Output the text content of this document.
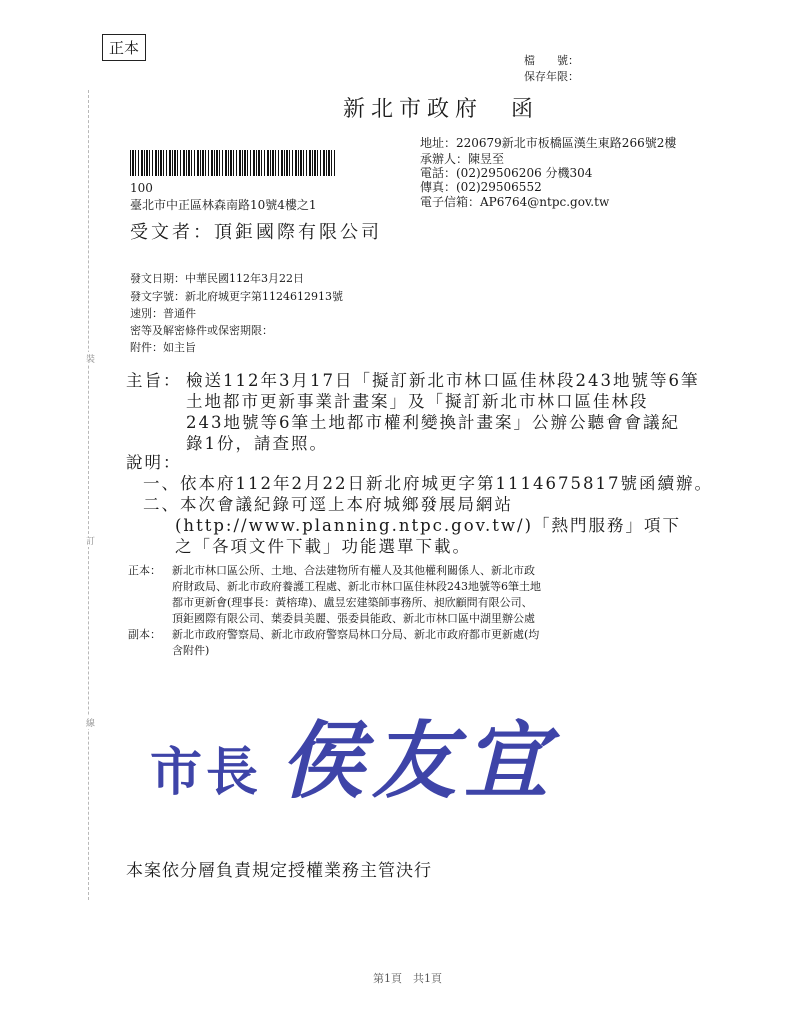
裝
訂
線
正本
檔　　號：
保存年限：
新北市政府　函
地址：220679新北市板橋區漢生東路266號2樓
承辦人：陳昱至
電話：(02)29506206 分機304
傳真：(02)29506552
電子信箱：AP6764@ntpc.gov.tw
100
臺北市中正區林森南路10號4樓之1
受文者：頂鉅國際有限公司
發文日期：中華民國112年3月22日
發文字號：新北府城更字第1124612913號
速別：普通件
密等及解密條件或保密期限：
附件：如主旨
主旨： 檢送112年3月17日「擬訂新北市林口區佳林段243地號等6筆
土地都市更新事業計畫案」及「擬訂新北市林口區佳林段
243地號等6筆土地都市權利變換計畫案」公辦公聽會會議紀
錄1份，請查照。
說明：
一、依本府112年2月22日新北府城更字第1114675817號函續辦。
二、本次會議紀錄可逕上本府城鄉發展局網站
(http://www.planning.ntpc.gov.tw/)「熱門服務」項下
之「各項文件下載」功能選單下載。
正本： 新北市林口區公所、土地、合法建物所有權人及其他權利關係人、新北市政
府財政局、新北市政府養護工程處、新北市林口區佳林段243地號等6筆土地
都市更新會(理事長：黃榕瑋)、盧昱宏建築師事務所、昶欣顧問有限公司、
頂鉅國際有限公司、葉委員美麗、張委員能政、新北市林口區中湖里辦公處
副本： 新北市政府警察局、新北市政府警察局林口分局、新北市政府都市更新處(均
含附件)
市長 侯友宜
本案依分層負責規定授權業務主管決行
第1頁　共1頁
